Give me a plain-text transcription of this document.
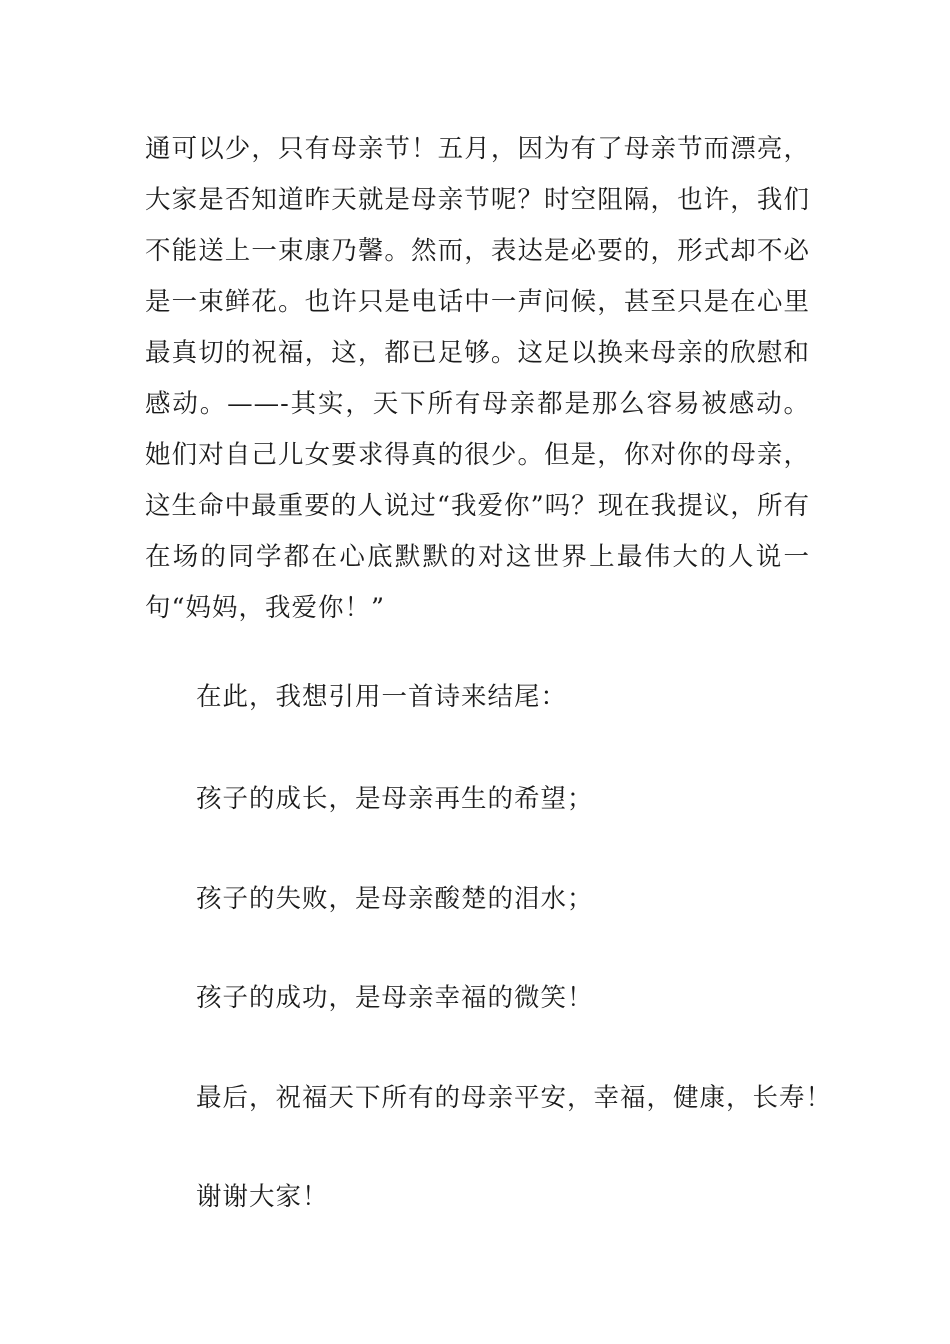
通可以少，只有母亲节！五月，因为有了母亲节而漂亮，大家是否知道昨天就是母亲节呢？时空阻隔，也许，我们不能送上一束康乃馨。然而，表达是必要的，形式却不必是一束鲜花。也许只是电话中一声问候，甚至只是在心里最真切的祝福，这，都已足够。这足以换来母亲的欣慰和感动。——-其实，天下所有母亲都是那么容易被感动。她们对自己儿女要求得真的很少。但是，你对你的母亲，这生命中最重要的人说过“我爱你”吗？现在我提议，所有在场的同学都在心底默默的对这世界上最伟大的人说一句“妈妈，我爱你！”

在此，我想引用一首诗来结尾：

孩子的成长，是母亲再生的希望；

孩子的失败，是母亲酸楚的泪水；

孩子的成功，是母亲幸福的微笑！

最后，祝福天下所有的母亲平安，幸福，健康，长寿！

谢谢大家！
